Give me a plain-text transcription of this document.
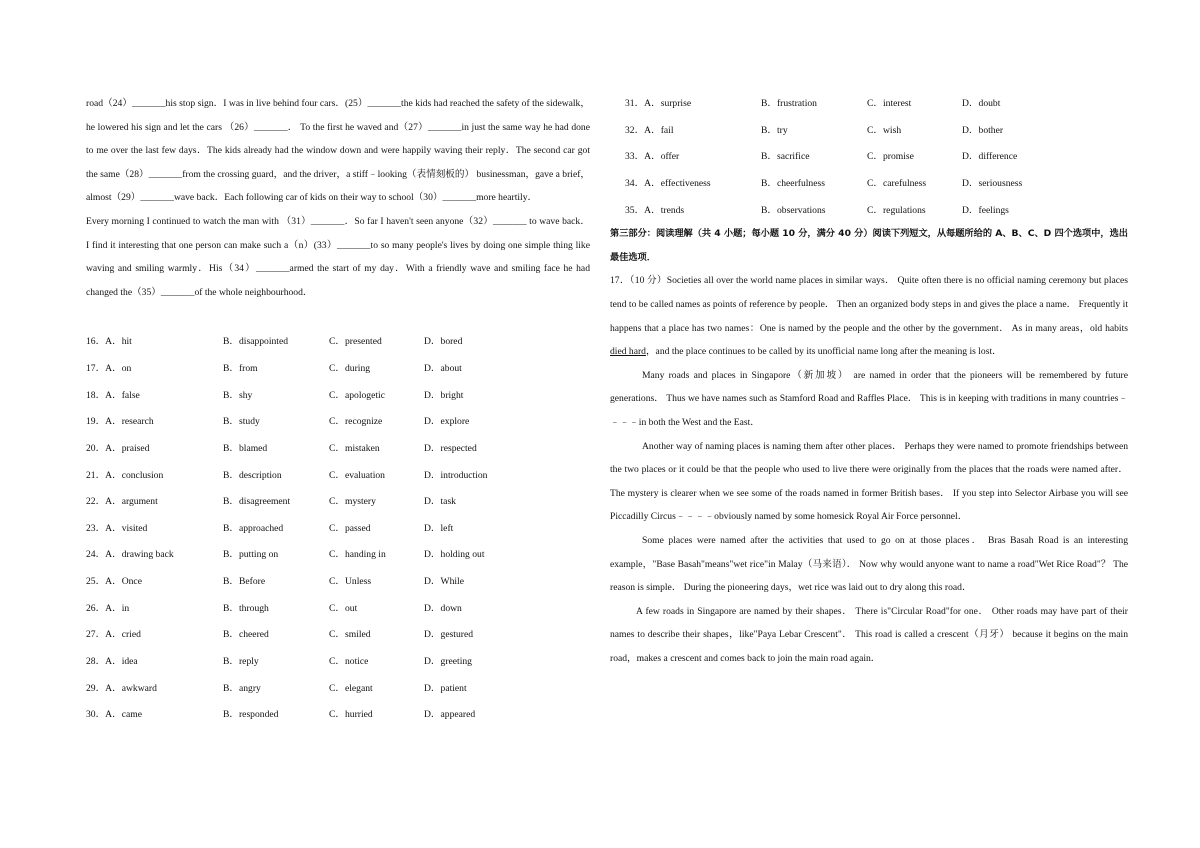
road（24）_______his stop sign．I was in live behind four cars．(25）_______the kids had reached the safety of the sidewalk，he lowered his sign and let the cars （26）_______． To the first he waved and（27）_______in just the same way he had done to me over the last few days．The kids already had the window down and were happily waving their reply．The second car got the same（28）_______from the crossing guard，and the driver，a stiff﹣looking（表情刻板的） businessman，gave a brief，almost（29）_______wave back．Each following car of kids on their way to school（30）_______more heartily．

Every morning I continued to watch the man with （31）_______．So far I haven't seen anyone（32）_______ to wave back． I find it interesting that one person can make such a（n）(33）_______to so many people's lives by doing one simple thing like waving and smiling warmly．His（34）_______armed the start of my day．With a friendly wave and smiling face he had changed the（35）_______of the whole neighbourhood．

16．A．hit	B．disappointed	C．presented	D．bored
17．A．on	B．from	C．during	D．about
18．A．false	B．shy	C．apologetic	D．bright
19．A．research	B．study	C．recognize	D．explore
20．A．praised	B．blamed	C．mistaken	D．respected
21．A．conclusion	B．description	C．evaluation	D．introduction
22．A．argument	B．disagreement	C．mystery	D．task
23．A．visited	B．approached	C．passed	D．left
24．A．drawing back	B．putting on	C．handing in	D．holding out
25．A．Once	B．Before	C．Unless	D．While
26．A．in	B．through	C．out	D．down
27．A．cried	B．cheered	C．smiled	D．gestured
28．A．idea	B．reply	C．notice	D．greeting
29．A．awkward	B．angry	C．elegant	D．patient
30．A．came	B．responded	C．hurried	D．appeared
31．A．surprise	B．frustration	C．interest	D．doubt
32．A．fail	B．try	C．wish	D．bother
33．A．offer	B．sacrifice	C．promise	D．difference
34．A．effectiveness	B．cheerfulness	C．carefulness	D．seriousness
35．A．trends	B．observations	C．regulations	D．feelings

第三部分：阅读理解（共 4 小题；每小题 10 分，满分 40 分）阅读下列短文，从每题所给的 A、B、C、D 四个选项中，选出最佳选项．

17．（10 分）Societies all over the world name places in similar ways． Quite often there is no official naming ceremony but places tend to be called names as points of reference by people． Then an organized body steps in and gives the place a name． Frequently it happens that a place has two names：One is named by the people and the other by the government． As in many areas，old habits died hard，and the place continues to be called by its unofficial name long after the meaning is lost．

Many roads and places in Singapore（新加坡） are named in order that the pioneers will be remembered by future generations． Thus we have names such as Stamford Road and Raffles Place． This is in keeping with traditions in many countries﹣﹣﹣﹣in both the West and the East．

Another way of naming places is naming them after other places． Perhaps they were named to promote friendships between the two places or it could be that the people who used to live there were originally from the places that the roads were named after． The mystery is clearer when we see some of the roads named in former British bases． If you step into Selector Airbase you will see Piccadilly Circus﹣﹣﹣﹣obviously named by some homesick Royal Air Force personnel．

Some places were named after the activities that used to go on at those places． Bras Basah Road is an interesting example，"Base Basah"means"wet rice"in Malay（马来语）． Now why would anyone want to name a road"Wet Rice Road"？ The reason is simple． During the pioneering days，wet rice was laid out to dry along this road．

A few roads in Singapore are named by their shapes． There is"Circular Road"for one． Other roads may have part of their names to describe their shapes，like"Paya Lebar Crescent"． This road is called a crescent（月牙） because it begins on the main road，makes a crescent and comes back to join the main road again．
